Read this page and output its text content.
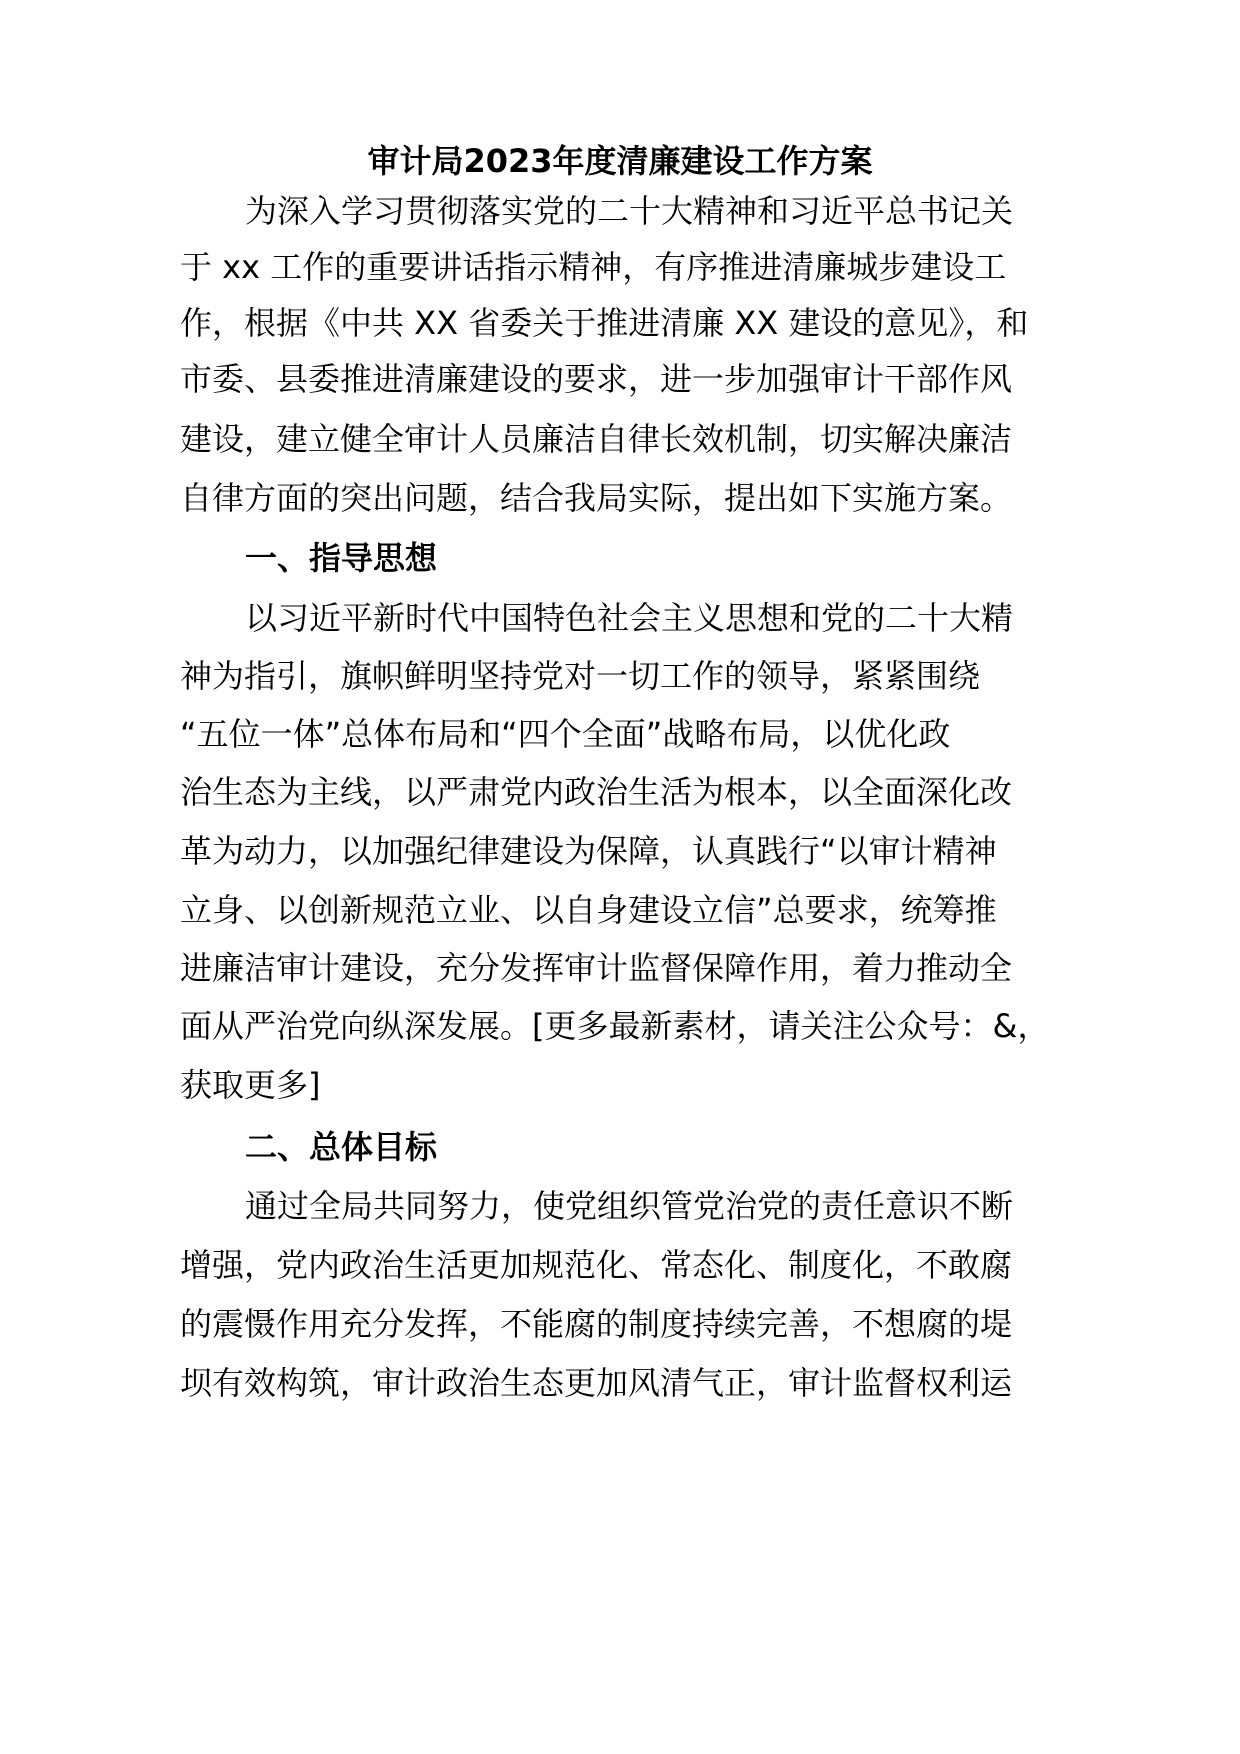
审计局2023年度清廉建设工作方案

为深入学习贯彻落实党的二十大精神和习近平总书记关

于 xx 工作的重要讲话指示精神，有序推进清廉城步建设工

作，根据《中共 XX 省委关于推进清廉 XX 建设的意见》，和

市委、县委推进清廉建设的要求，进一步加强审计干部作风

建设，建立健全审计人员廉洁自律长效机制，切实解决廉洁

自律方面的突出问题，结合我局实际，提出如下实施方案。

一、指导思想

以习近平新时代中国特色社会主义思想和党的二十大精

神为指引，旗帜鲜明坚持党对一切工作的领导，紧紧围绕

“五位一体”总体布局和“四个全面”战略布局，以优化政

治生态为主线，以严肃党内政治生活为根本，以全面深化改

革为动力，以加强纪律建设为保障，认真践行“以审计精神

立身、以创新规范立业、以自身建设立信”总要求，统筹推

进廉洁审计建设，充分发挥审计监督保障作用，着力推动全

面从严治党向纵深发展。[更多最新素材，请关注公众号：&，

获取更多]

二、总体目标

通过全局共同努力，使党组织管党治党的责任意识不断

增强，党内政治生活更加规范化、常态化、制度化，不敢腐

的震慑作用充分发挥，不能腐的制度持续完善，不想腐的堤

坝有效构筑，审计政治生态更加风清气正，审计监督权利运
